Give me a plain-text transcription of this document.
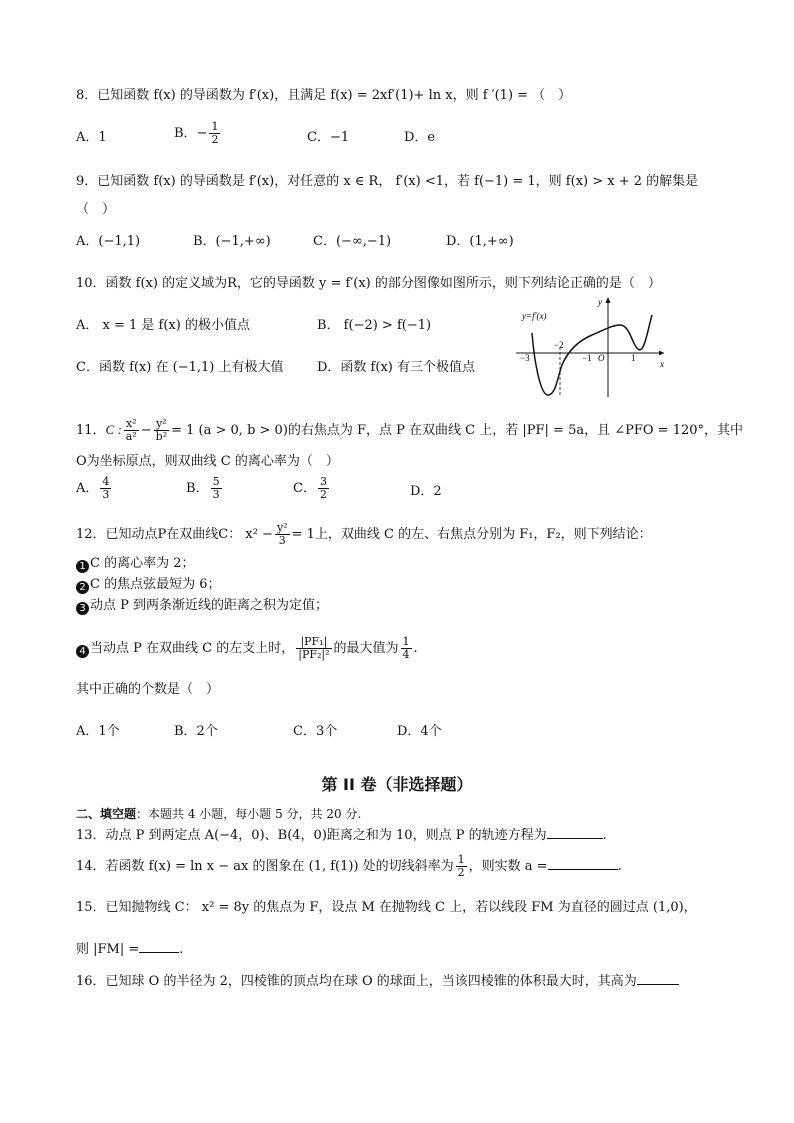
8．已知函数 f(x) 的导函数为 f′(x)，且满足 f(x) = 2xf′(1)+ ln x，则 f ′(1) = （　）
A．1	B．− $\frac{1}{2}$	C．−1	D．e
9．已知函数 f(x) 的导函数是 f′(x)，对任意的 x ∈ R， f′(x) <1，若 f(−1) = 1，则 f(x) > x + 2 的解集是
（　）
A．(−1,1)	B．(−1,+∞)	C．(−∞,−1)	D．(1,+∞)
10．函数 f(x) 的定义域为R，它的导函数 y = f′(x) 的部分图像如图所示，则下列结论正确的是（　）
A． x = 1 是 f(x) 的极小值点	B． f(−2) > f(−1)
C．函数 f(x) 在 (−1,1) 上有极大值	D．函数 f(x) 有三个极值点
y=f′(x)
y
x
−3
−2
−1 O	1
11．C : $\frac{\text{x²}}{\text{a²}} - \frac{\text{y²}}{\text{b²}} = 1$ (a > 0, b > 0)的右焦点为 F，点 P 在双曲线 C 上，若 |PF| = 5a，且 ∠PFO = 120°，其中
O为坐标原点，则双曲线 C 的离心率为（　）
A． $\frac{4}{3}$	B． $\frac{5}{3}$	C． $\frac{3}{2}$	D．2
12．已知动点P在双曲线C： $x^2 - \frac{\text{y²}}{3} = 1$上，双曲线 C 的左、右焦点分别为 F₁，F₂，则下列结论：
1 C 的离心率为 2；
2 C 的焦点弦最短为 6；
3 动点 P 到两条渐近线的距离之积为定值；
4 当动点 P 在双曲线 C 的左支上时， $\frac{\text{|PF₁|}}{\text{|PF₂|²}}$ 的最大值为 $\frac{1}{4}$ .
其中正确的个数是（　）
A．1个	B．2个	C．3个	D．4个
第 II 卷（非选择题）
二、填空题：本题共 4 小题，每小题 5 分，共 20 分.
13．动点 P 到两定点 A(−4，0)、B(4，0)距离之和为 10，则点 P 的轨迹方程为	.
14．若函数 f(x) = ln x − ax 的图象在 (1, f(1)) 处的切线斜率为 $\frac{1}{2}$ ，则实数 a =	.
15．已知抛物线 C： x² = 8y 的焦点为 F，设点 M 在抛物线 C 上，若以线段 FM 为直径的圆过点 (1,0)，
则 |FM| =	.
16．已知球 O 的半径为 2，四棱锥的顶点均在球 O 的球面上，当该四棱锥的体积最大时，其高为
